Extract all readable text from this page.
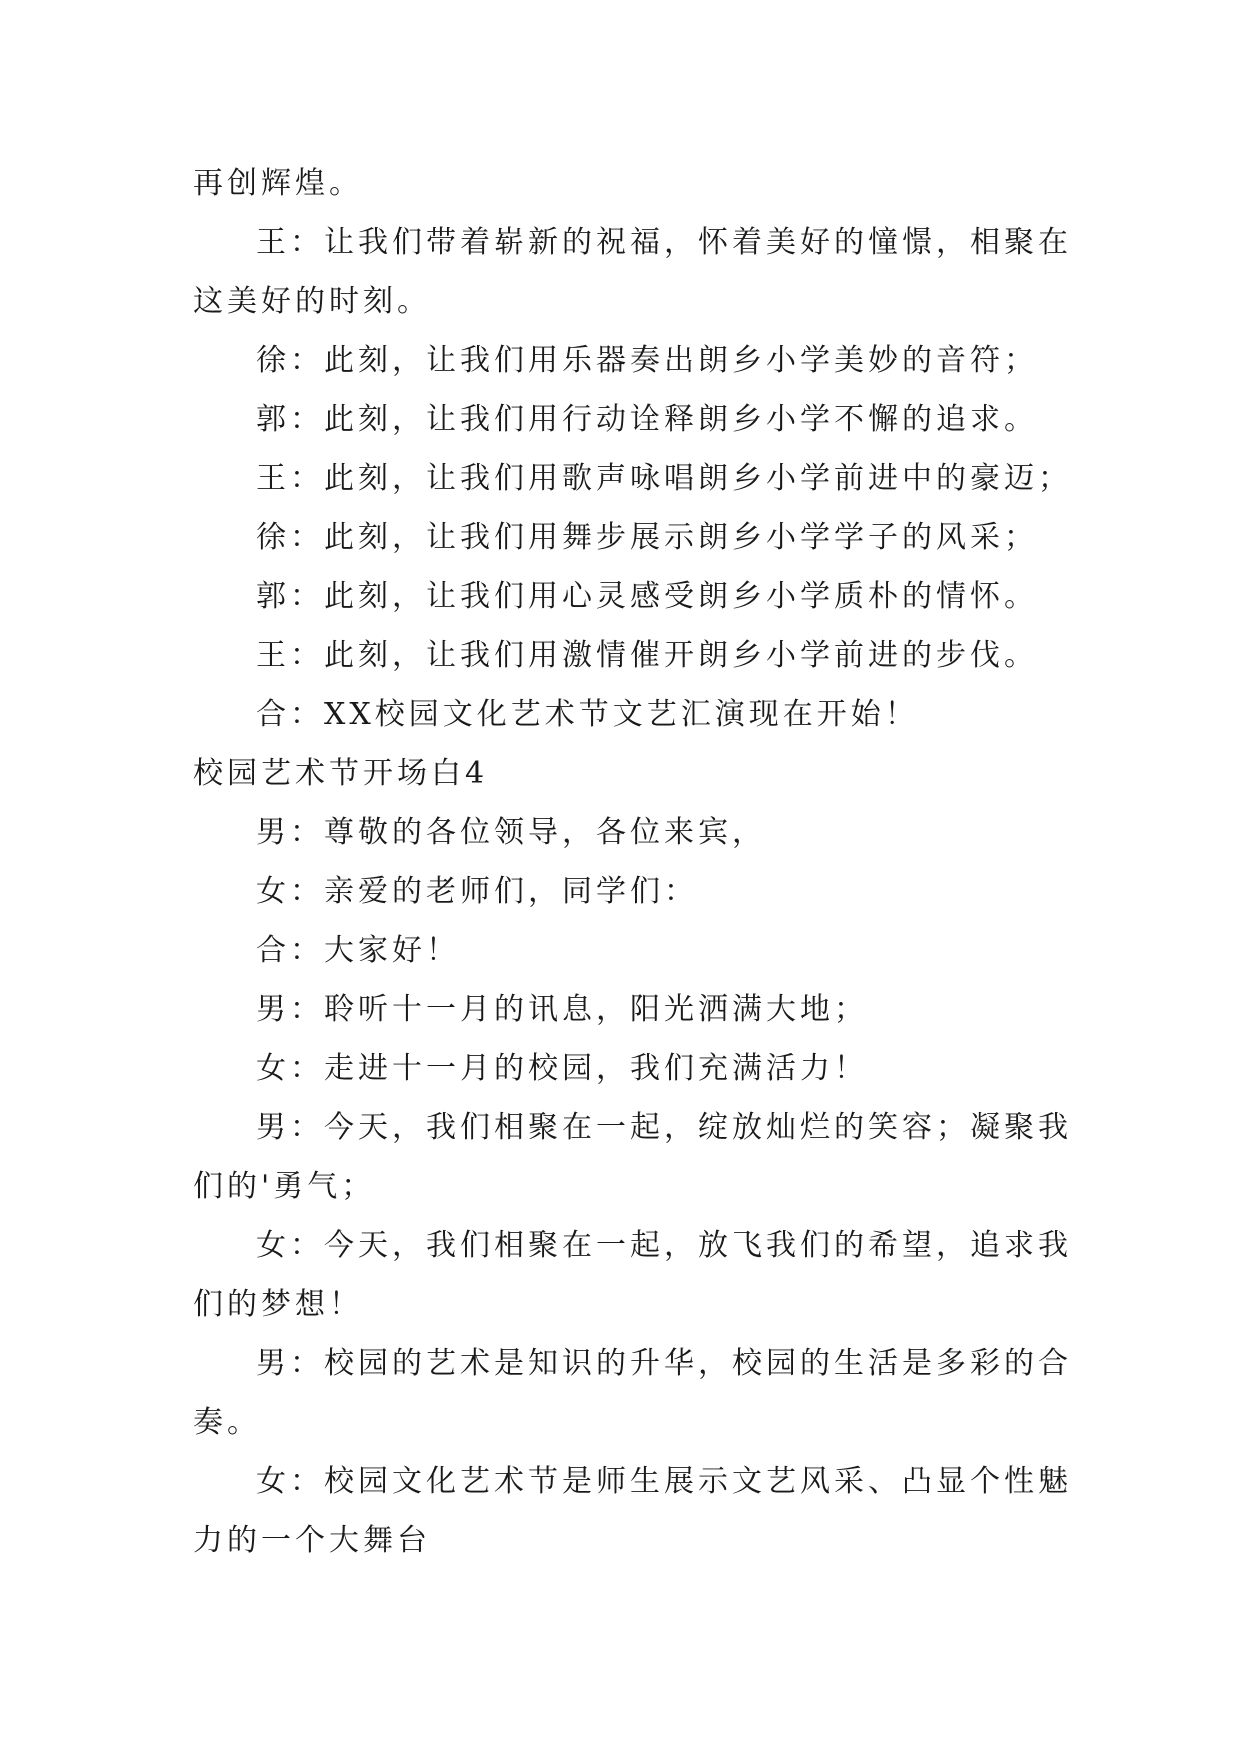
再创辉煌。
王：让我们带着崭新的祝福，怀着美好的憧憬，相聚在
这美好的时刻。
徐：此刻，让我们用乐器奏出朗乡小学美妙的音符；
郭：此刻，让我们用行动诠释朗乡小学不懈的追求。
王：此刻，让我们用歌声咏唱朗乡小学前进中的豪迈；
徐：此刻，让我们用舞步展示朗乡小学学子的风采；
郭：此刻，让我们用心灵感受朗乡小学质朴的情怀。
王：此刻，让我们用激情催开朗乡小学前进的步伐。
合：XX校园文化艺术节文艺汇演现在开始！
校园艺术节开场白4
男：尊敬的各位领导，各位来宾，
女：亲爱的老师们，同学们：
合：大家好！
男：聆听十一月的讯息，阳光洒满大地；
女：走进十一月的校园，我们充满活力！
男：今天，我们相聚在一起，绽放灿烂的笑容；凝聚我
们的'勇气；
女：今天，我们相聚在一起，放飞我们的希望，追求我
们的梦想！
男：校园的艺术是知识的升华，校园的生活是多彩的合
奏。
女：校园文化艺术节是师生展示文艺风采、凸显个性魅
力的一个大舞台
